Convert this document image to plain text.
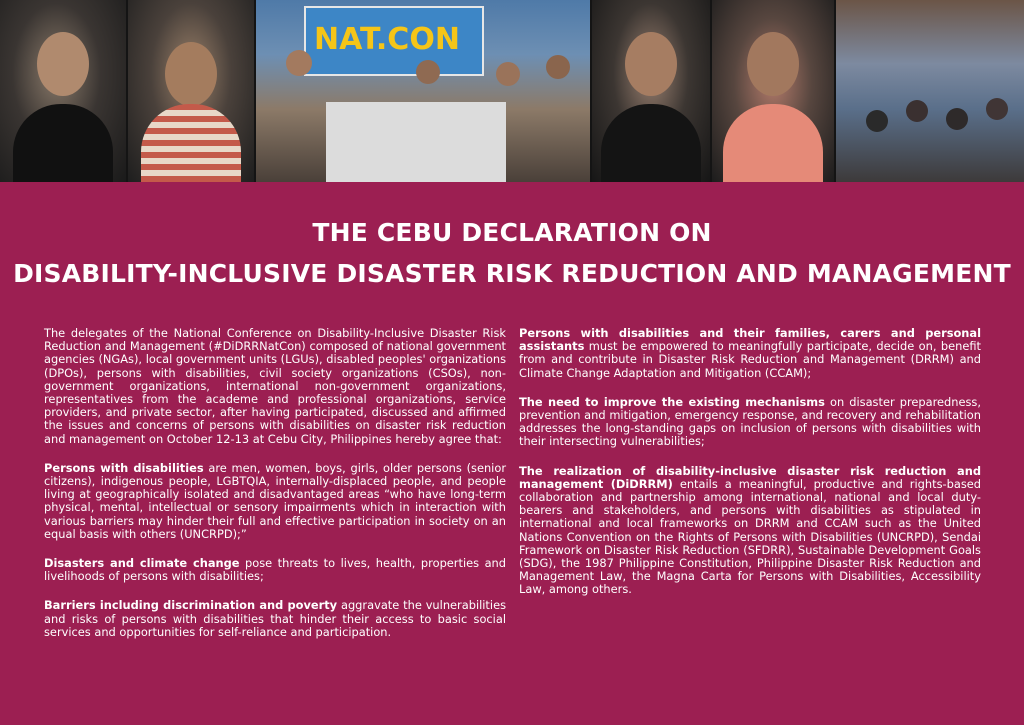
NAT.CON
THE CEBU DECLARATION ON
DISABILITY-INCLUSIVE DISASTER RISK REDUCTION AND MANAGEMENT

The delegates of the National Conference on Disability-Inclusive Disaster Risk Reduction and Management (#DiDRRNatCon) composed of national government agencies (NGAs), local government units (LGUs), disabled peoples' organizations (DPOs), persons with disabilities, civil society organizations (CSOs), non-government organizations, international non-government organizations, representatives from the academe and professional organizations, service providers, and private sector, after having participated, discussed and affirmed the issues and concerns of persons with disabilities on disaster risk reduction and management on October 12-13 at Cebu City, Philippines hereby agree that:

Persons with disabilities are men, women, boys, girls, older persons (senior citizens), indigenous people, LGBTQIA, internally-displaced people, and people living at geographically isolated and disadvantaged areas “who have long-term physical, mental, intellectual or sensory impairments which in interaction with various barriers may hinder their full and effective participation in society on an equal basis with others (UNCRPD);”

Disasters and climate change pose threats to lives, health, properties and livelihoods of persons with disabilities;

Barriers including discrimination and poverty aggravate the vulnerabilities and risks of persons with disabilities that hinder their access to basic social services and opportunities for self-reliance and participation.

Persons with disabilities and their families, carers and personal assistants must be empowered to meaningfully participate, decide on, benefit from and contribute in Disaster Risk Reduction and Management (DRRM) and Climate Change Adaptation and Mitigation (CCAM);

The need to improve the existing mechanisms on disaster preparedness, prevention and mitigation, emergency response, and recovery and rehabilitation addresses the long-standing gaps on inclusion of persons with disabilities with their intersecting vulnerabilities;

The realization of disability-inclusive disaster risk reduction and management (DiDRRM) entails a meaningful, productive and rights-based collaboration and partnership among international, national and local duty-bearers and stakeholders, and persons with disabilities as stipulated in international and local frameworks on DRRM and CCAM such as the United Nations Convention on the Rights of Persons with Disabilities (UNCRPD), Sendai Framework on Disaster Risk Reduction (SFDRR), Sustainable Development Goals (SDG), the 1987 Philippine Constitution, Philippine Disaster Risk Reduction and Management Law, the Magna Carta for Persons with Disabilities, Accessibility Law, among others.
